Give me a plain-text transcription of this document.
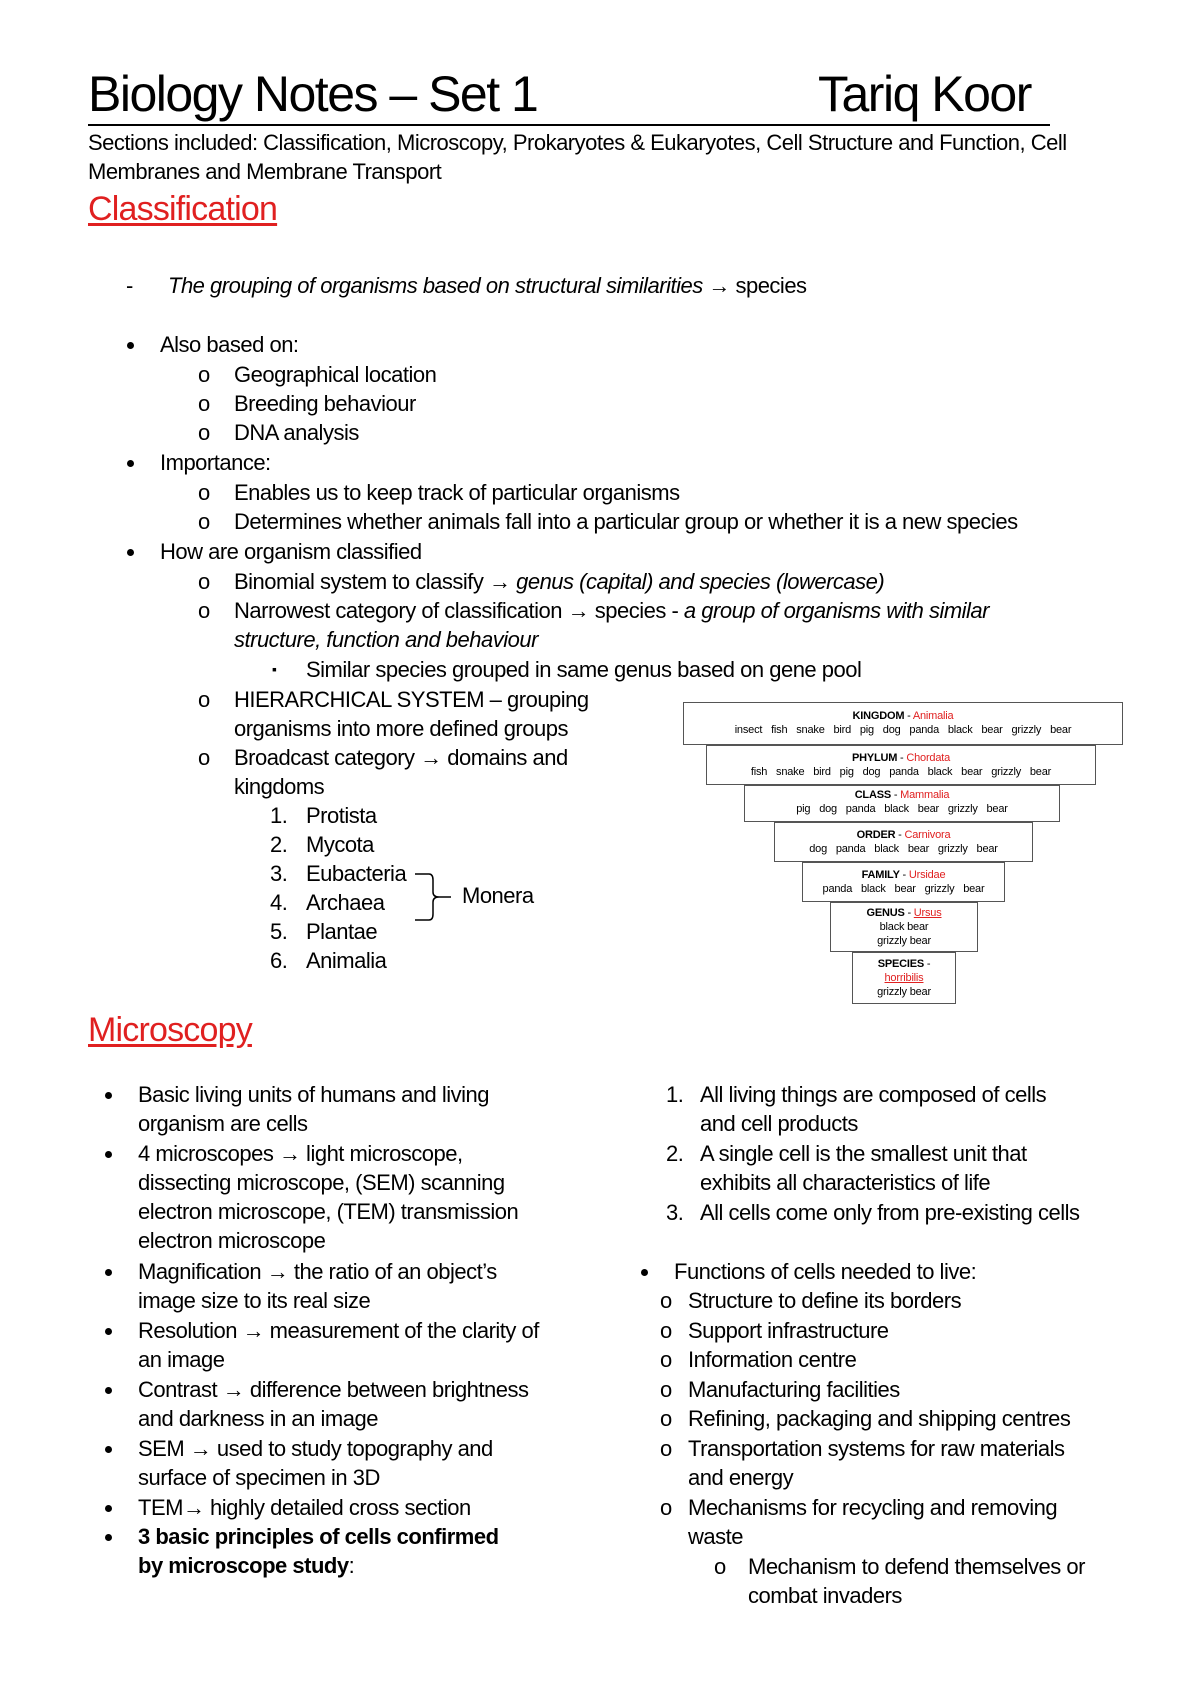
Biology Notes – Set 1	Tariq Koor
Sections included: Classification, Microscopy, Prokaryotes & Eukaryotes, Cell Structure and Function, Cell Membranes and Membrane Transport
Classification
- The grouping of organisms based on structural similarities → species
Also based on:
o Geographical location
o Breeding behaviour
o DNA analysis
Importance:
o Enables us to keep track of particular organisms
o Determines whether animals fall into a particular group or whether it is a new species
How are organism classified
o Binomial system to classify → genus (capital) and species (lowercase)
o Narrowest category of classification → species - a group of organisms with similar
structure, function and behaviour
▪ Similar species grouped in same genus based on gene pool
o HIERARCHICAL SYSTEM – grouping
organisms into more defined groups
o Broadcast category → domains and
kingdoms
1. Protista
2. Mycota
3. Eubacteria
4. Archaea
5. Plantae
6. Animalia
Monera
KINGDOM - Animalia
insect fish snake bird pig dog panda black bear grizzly bear
PHYLUM - Chordata
fish snake bird pig dog panda black bear grizzly bear
CLASS - Mammalia
pig dog panda black bear grizzly bear
ORDER - Carnivora
dog panda black bear grizzly bear
FAMILY - Ursidae
panda black bear grizzly bear
GENUS - Ursus
black bear
grizzly bear
SPECIES -
horribilis
grizzly bear
Microscopy
Basic living units of humans and living
organism are cells
4 microscopes → light microscope,
dissecting microscope, (SEM) scanning
electron microscope, (TEM) transmission
electron microscope
Magnification → the ratio of an object’s
image size to its real size
Resolution → measurement of the clarity of
an image
Contrast → difference between brightness
and darkness in an image
SEM → used to study topography and
surface of specimen in 3D
TEM→ highly detailed cross section
3 basic principles of cells confirmed
by microscope study:
1. All living things are composed of cells
and cell products
2. A single cell is the smallest unit that
exhibits all characteristics of life
3. All cells come only from pre-existing cells
Functions of cells needed to live:
o Structure to define its borders
o Support infrastructure
o Information centre
o Manufacturing facilities
o Refining, packaging and shipping centres
o Transportation systems for raw materials
and energy
o Mechanisms for recycling and removing
waste
o Mechanism to defend themselves or
combat invaders
